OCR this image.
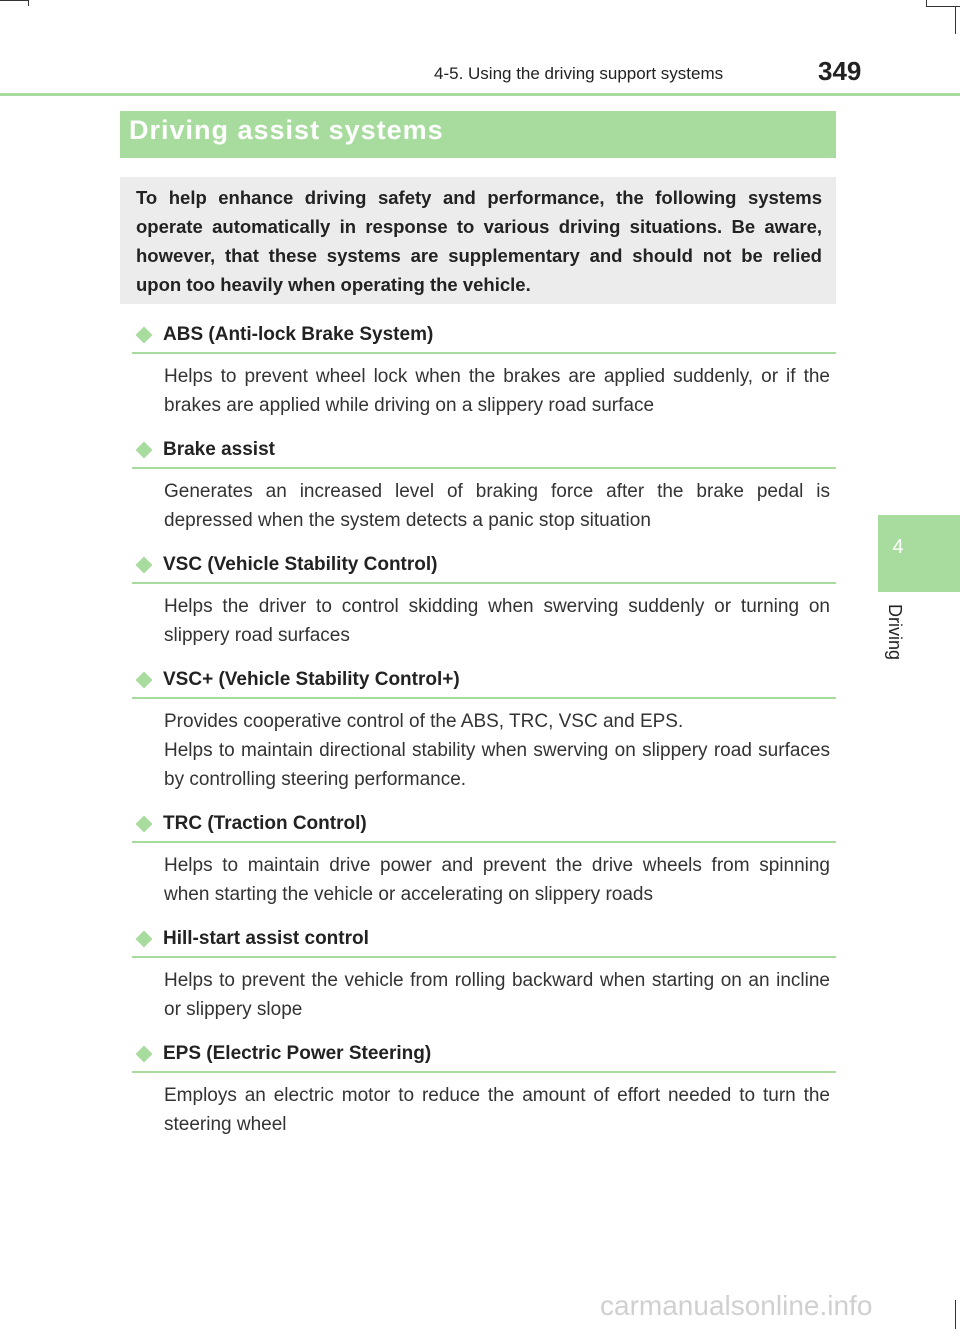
4-5. Using the driving support systems	349
4
Driving
Driving assist systems
To help enhance driving safety and performance, the following systems operate automatically in response to various driving situations. Be aware, however, that these systems are supplementary and should not be relied upon too heavily when operating the vehicle.
ABS (Anti-lock Brake System)
Helps to prevent wheel lock when the brakes are applied suddenly, or if the brakes are applied while driving on a slippery road surface
Brake assist
Generates an increased level of braking force after the brake pedal is depressed when the system detects a panic stop situation
VSC (Vehicle Stability Control)
Helps the driver to control skidding when swerving suddenly or turning on slippery road surfaces
VSC+ (Vehicle Stability Control+)
Provides cooperative control of the ABS, TRC, VSC and EPS.
Helps to maintain directional stability when swerving on slippery road surfaces by controlling steering performance.
TRC (Traction Control)
Helps to maintain drive power and prevent the drive wheels from spinning when starting the vehicle or accelerating on slippery roads
Hill-start assist control
Helps to prevent the vehicle from rolling backward when starting on an incline or slippery slope
EPS (Electric Power Steering)
Employs an electric motor to reduce the amount of effort needed to turn the steering wheel
carmanualsonline.info
